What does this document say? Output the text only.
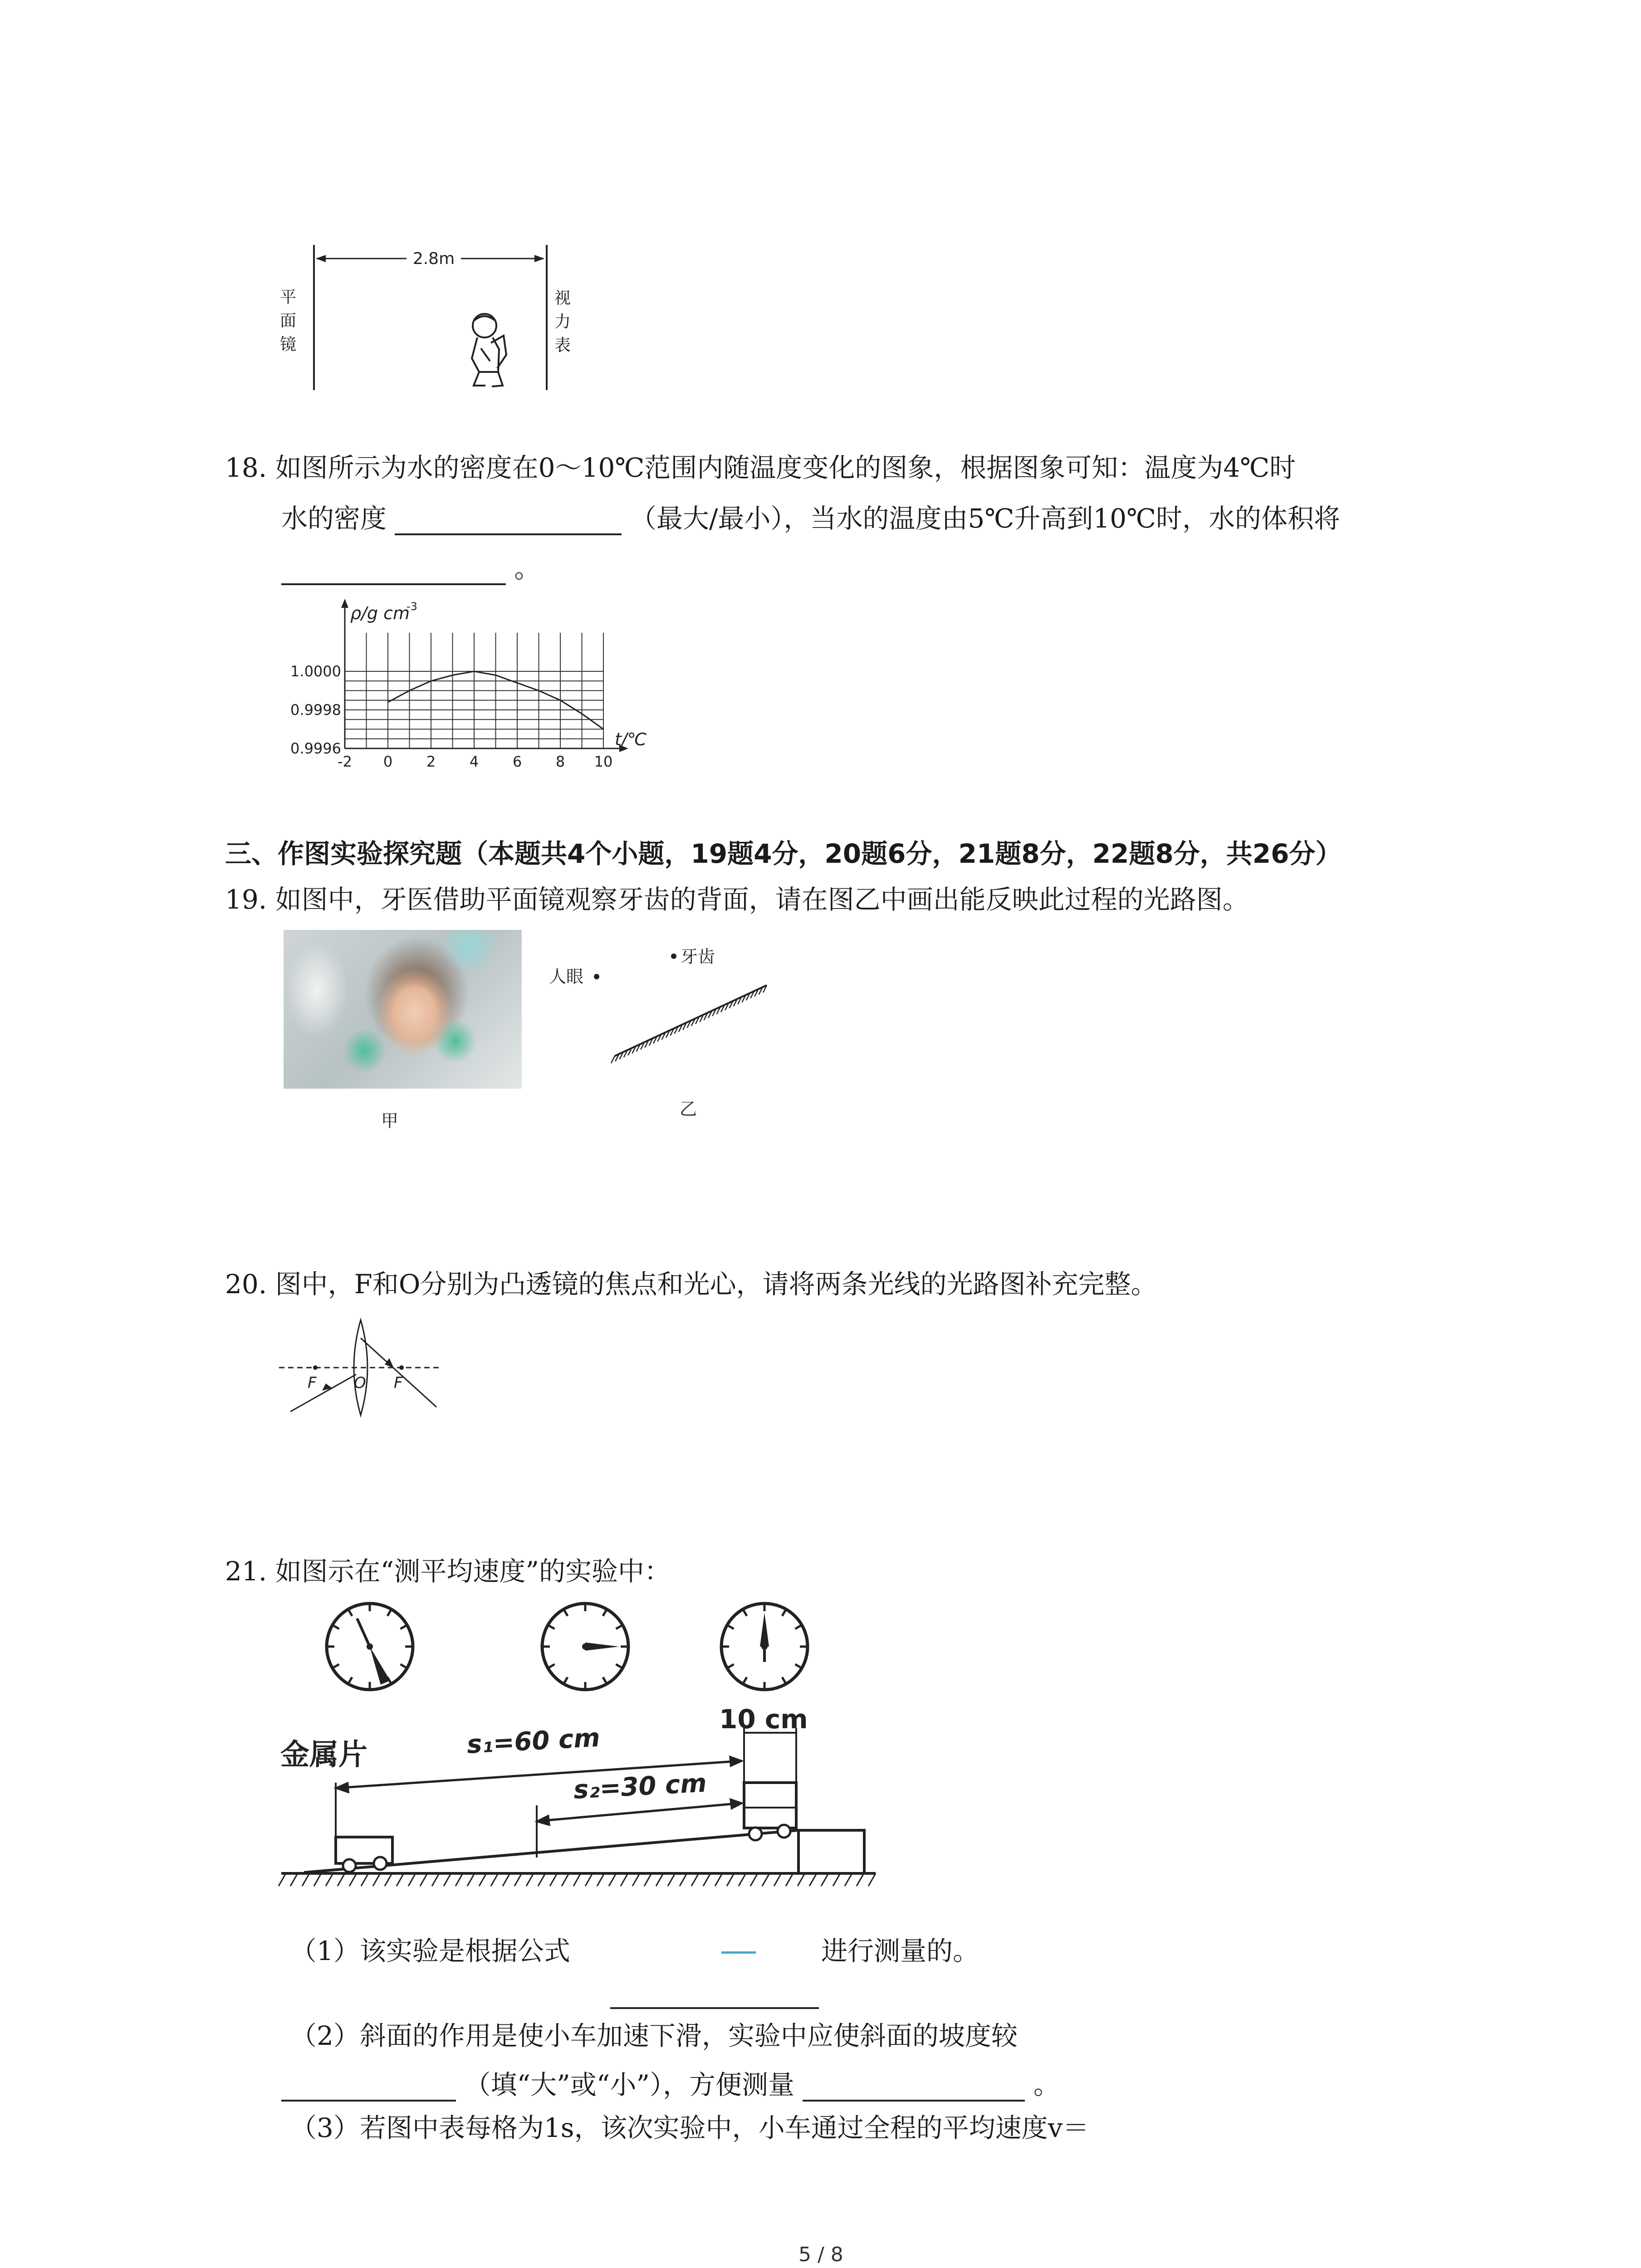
2.8m
平
面
镜
视
力
表
18. 如图所示为水的密度在0～10℃范围内随温度变化的图象，根据图象可知：温度为4℃时
水的密度	（最大/最小），当水的温度由5℃升高到10℃时，水的体积将
。
-2 0 2 4 6 8 10
1.0000
0.9998
0.9996
ρ/g cm
-3
t/℃
三、作图实验探究题（本题共4个小题，19题4分，20题6分，21题8分，22题8分，共26分）
19. 如图中，牙医借助平面镜观察牙齿的背面，请在图乙中画出能反映此过程的光路图。
甲
人眼
牙齿
乙
20. 图中，F和O分别为凸透镜的焦点和光心，请将两条光线的光路图补充完整。
F O F
21. 如图示在“测平均速度”的实验中：
金属片	s₁=60 cm
s₂=30 cm
10 cm
（1）该实验是根据公式	进行测量的。
（2）斜面的作用是使小车加速下滑，实验中应使斜面的坡度较
（填“大”或“小”），方便测量	。
（3）若图中表每格为1s，该次实验中，小车通过全程的平均速度v＝
5 / 8
